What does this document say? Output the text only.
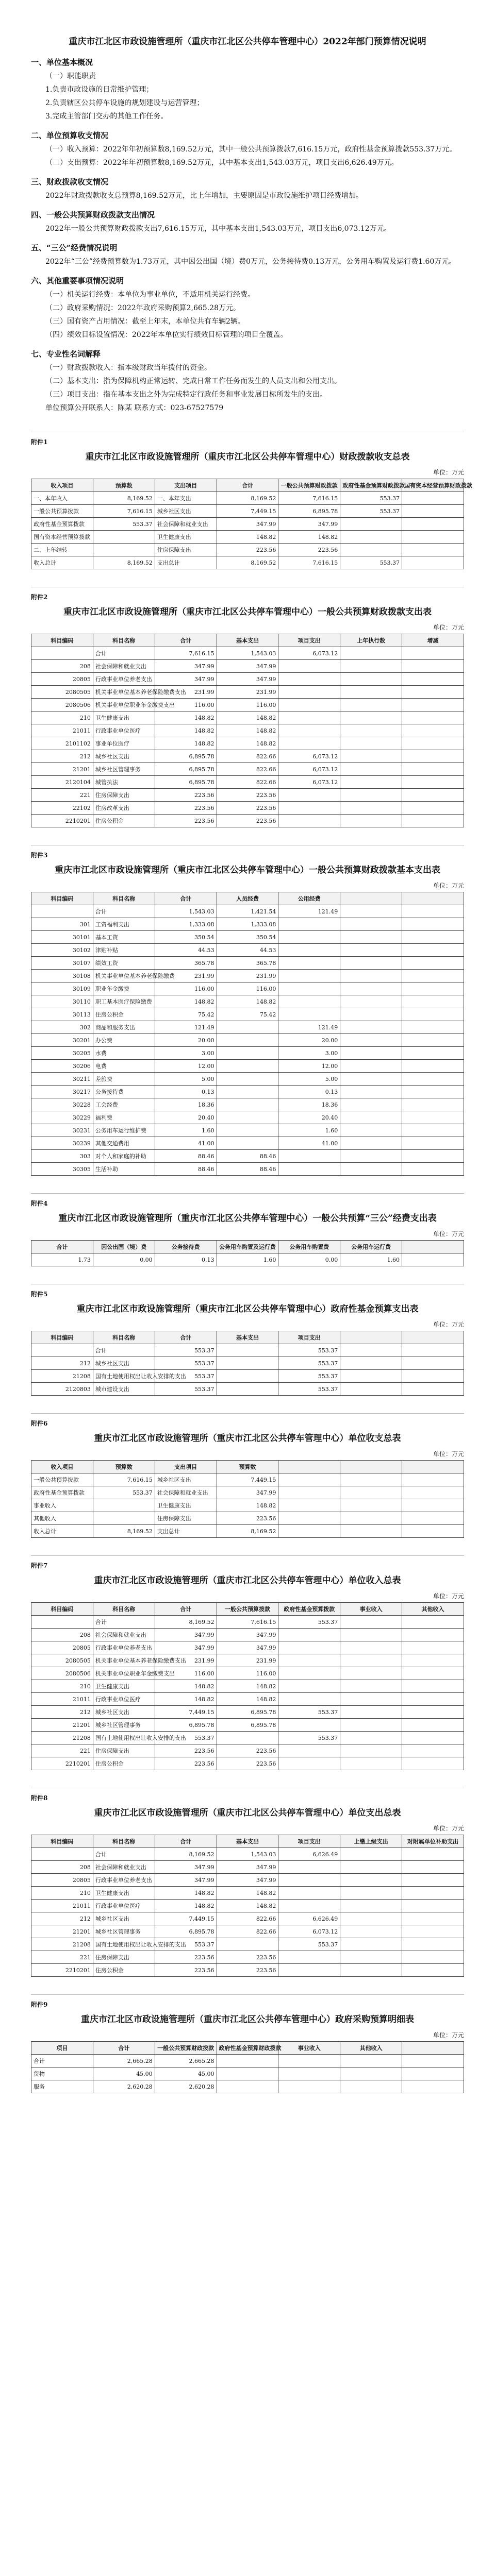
重庆市江北区市政设施管理所（重庆市江北区公共停车管理中心）2022年部门预算情况说明
一、单位基本概况
（一）职能职责
1.负责市政设施的日常维护管理；
2.负责辖区公共停车设施的规划建设与运营管理；
3.完成主管部门交办的其他工作任务。
二、单位预算收支情况
（一）收入预算：2022年年初预算数8,169.52万元，其中一般公共预算拨款7,616.15万元，政府性基金预算拨款553.37万元。
（二）支出预算：2022年年初预算数8,169.52万元，其中基本支出1,543.03万元，项目支出6,626.49万元。
三、财政拨款收支情况
2022年财政拨款收支总预算8,169.52万元，比上年增加，主要原因是市政设施维护项目经费增加。
四、一般公共预算财政拨款支出情况
2022年一般公共预算财政拨款支出7,616.15万元，其中基本支出1,543.03万元，项目支出6,073.12万元。
五、“三公”经费情况说明
2022年“三公”经费预算数为1.73万元，其中因公出国（境）费0万元，公务接待费0.13万元，公务用车购置及运行费1.60万元。
六、其他重要事项情况说明
（一）机关运行经费：本单位为事业单位，不适用机关运行经费。
（二）政府采购情况：2022年政府采购预算2,665.28万元。
（三）国有资产占用情况：截至上年末，本单位共有车辆2辆。
（四）绩效目标设置情况：2022年本单位实行绩效目标管理的项目全覆盖。
七、专业性名词解释
（一）财政拨款收入：指本级财政当年拨付的资金。
（二）基本支出：指为保障机构正常运转、完成日常工作任务而发生的人员支出和公用支出。
（三）项目支出：指在基本支出之外为完成特定行政任务和事业发展目标所发生的支出。
单位预算公开联系人：陈某 联系方式：023-67527579
附件1
重庆市江北区市政设施管理所（重庆市江北区公共停车管理中心）财政拨款收支总表
单位：万元
收入项目	预算数	支出项目	合计	一般公共预算财政拨款	政府性基金预算财政拨款	国有资本经营预算财政拨款
一、本年收入	8,169.52	一、本年支出	8,169.52	7,616.15	553.37	
一般公共预算拨款	7,616.15	城乡社区支出	7,449.15	6,895.78	553.37	
政府性基金预算拨款	553.37	社会保障和就业支出	347.99	347.99		
国有资本经营预算拨款		卫生健康支出	148.82	148.82		
二、上年结转		住房保障支出	223.56	223.56		
收入总计	8,169.52	支出总计	8,169.52	7,616.15	553.37	
附件2
重庆市江北区市政设施管理所（重庆市江北区公共停车管理中心）一般公共预算财政拨款支出表
单位：万元
科目编码	科目名称	合计	基本支出	项目支出	上年执行数	增减
	合计	7,616.15	1,543.03	6,073.12		
208	社会保障和就业支出	347.99	347.99			
20805	行政事业单位养老支出	347.99	347.99			
2080505	机关事业单位基本养老保险缴费支出	231.99	231.99			
2080506	机关事业单位职业年金缴费支出	116.00	116.00			
210	卫生健康支出	148.82	148.82			
21011	行政事业单位医疗	148.82	148.82			
2101102	事业单位医疗	148.82	148.82			
212	城乡社区支出	6,895.78	822.66	6,073.12		
21201	城乡社区管理事务	6,895.78	822.66	6,073.12		
2120104	城管执法	6,895.78	822.66	6,073.12		
221	住房保障支出	223.56	223.56			
22102	住房改革支出	223.56	223.56			
2210201	住房公积金	223.56	223.56			
附件3
重庆市江北区市政设施管理所（重庆市江北区公共停车管理中心）一般公共预算财政拨款基本支出表
单位：万元
科目编码	科目名称	合计	人员经费	公用经费		
	合计	1,543.03	1,421.54	121.49		
301	工资福利支出	1,333.08	1,333.08			
30101	基本工资	350.54	350.54			
30102	津贴补贴	44.53	44.53			
30107	绩效工资	365.78	365.78			
30108	机关事业单位基本养老保险缴费	231.99	231.99			
30109	职业年金缴费	116.00	116.00			
30110	职工基本医疗保险缴费	148.82	148.82			
30113	住房公积金	75.42	75.42			
302	商品和服务支出	121.49		121.49		
30201	办公费	20.00		20.00		
30205	水费	3.00		3.00		
30206	电费	12.00		12.00		
30211	差旅费	5.00		5.00		
30217	公务接待费	0.13		0.13		
30228	工会经费	18.36		18.36		
30229	福利费	20.40		20.40		
30231	公务用车运行维护费	1.60		1.60		
30239	其他交通费用	41.00		41.00		
303	对个人和家庭的补助	88.46	88.46			
30305	生活补助	88.46	88.46			
附件4
重庆市江北区市政设施管理所（重庆市江北区公共停车管理中心）一般公共预算“三公”经费支出表
单位：万元
合计	因公出国（境）费	公务接待费	公务用车购置及运行费	公务用车购置费	公务用车运行费	
1.73	0.00	0.13	1.60	0.00	1.60	
附件5
重庆市江北区市政设施管理所（重庆市江北区公共停车管理中心）政府性基金预算支出表
单位：万元
科目编码	科目名称	合计	基本支出	项目支出		
	合计	553.37		553.37		
212	城乡社区支出	553.37		553.37		
21208	国有土地使用权出让收入安排的支出	553.37		553.37		
2120803	城市建设支出	553.37		553.37		
附件6
重庆市江北区市政设施管理所（重庆市江北区公共停车管理中心）单位收支总表
单位：万元
收入项目	预算数	支出项目	预算数			
一般公共预算拨款	7,616.15	城乡社区支出	7,449.15			
政府性基金预算拨款	553.37	社会保障和就业支出	347.99			
事业收入		卫生健康支出	148.82			
其他收入		住房保障支出	223.56			
收入总计	8,169.52	支出总计	8,169.52			
附件7
重庆市江北区市政设施管理所（重庆市江北区公共停车管理中心）单位收入总表
单位：万元
科目编码	科目名称	合计	一般公共预算拨款	政府性基金预算拨款	事业收入	其他收入
	合计	8,169.52	7,616.15	553.37		
208	社会保障和就业支出	347.99	347.99			
20805	行政事业单位养老支出	347.99	347.99			
2080505	机关事业单位基本养老保险缴费支出	231.99	231.99			
2080506	机关事业单位职业年金缴费支出	116.00	116.00			
210	卫生健康支出	148.82	148.82			
21011	行政事业单位医疗	148.82	148.82			
212	城乡社区支出	7,449.15	6,895.78	553.37		
21201	城乡社区管理事务	6,895.78	6,895.78			
21208	国有土地使用权出让收入安排的支出	553.37		553.37		
221	住房保障支出	223.56	223.56			
2210201	住房公积金	223.56	223.56			
附件8
重庆市江北区市政设施管理所（重庆市江北区公共停车管理中心）单位支出总表
单位：万元
科目编码	科目名称	合计	基本支出	项目支出	上缴上级支出	对附属单位补助支出
	合计	8,169.52	1,543.03	6,626.49		
208	社会保障和就业支出	347.99	347.99			
20805	行政事业单位养老支出	347.99	347.99			
210	卫生健康支出	148.82	148.82			
21011	行政事业单位医疗	148.82	148.82			
212	城乡社区支出	7,449.15	822.66	6,626.49		
21201	城乡社区管理事务	6,895.78	822.66	6,073.12		
21208	国有土地使用权出让收入安排的支出	553.37		553.37		
221	住房保障支出	223.56	223.56			
2210201	住房公积金	223.56	223.56			
附件9
重庆市江北区市政设施管理所（重庆市江北区公共停车管理中心）政府采购预算明细表
单位：万元
项目	合计	一般公共预算财政拨款	政府性基金预算财政拨款	事业收入	其他收入	
合计	2,665.28	2,665.28				
货物	45.00	45.00				
服务	2,620.28	2,620.28				
